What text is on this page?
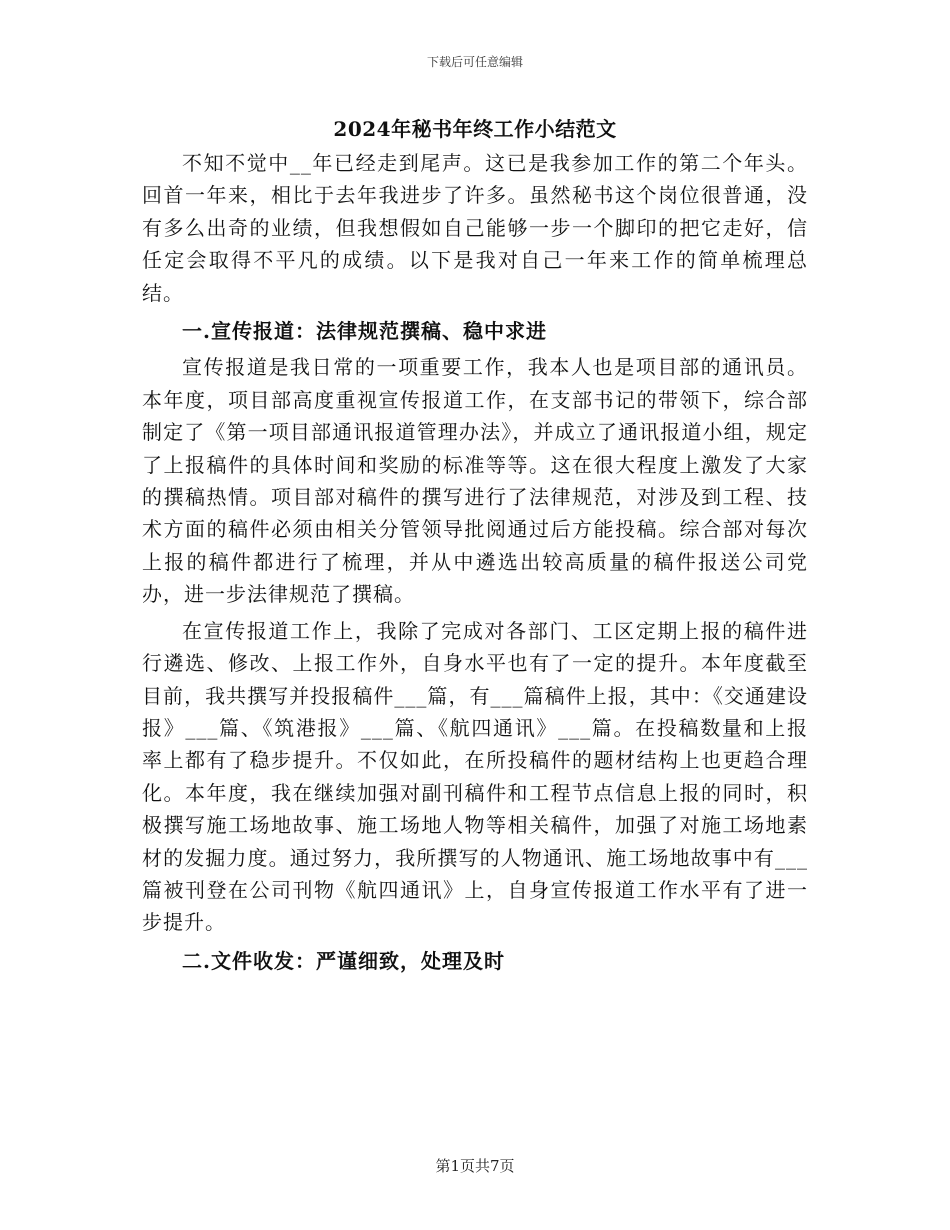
下载后可任意编辑
2024年秘书年终工作小结范文

不知不觉中__年已经走到尾声。这已是我参加工作的第二个年头。回首一年来，相比于去年我进步了许多。虽然秘书这个岗位很普通，没有多么出奇的业绩，但我想假如自己能够一步一个脚印的把它走好，信任定会取得不平凡的成绩。以下是我对自己一年来工作的简单梳理总结。

一.宣传报道：法律规范撰稿、稳中求进

宣传报道是我日常的一项重要工作，我本人也是项目部的通讯员。本年度，项目部高度重视宣传报道工作，在支部书记的带领下，综合部制定了《第一项目部通讯报道管理办法》，并成立了通讯报道小组，规定了上报稿件的具体时间和奖励的标准等等。这在很大程度上激发了大家的撰稿热情。项目部对稿件的撰写进行了法律规范，对涉及到工程、技术方面的稿件必须由相关分管领导批阅通过后方能投稿。综合部对每次上报的稿件都进行了梳理，并从中遴选出较高质量的稿件报送公司党办，进一步法律规范了撰稿。

在宣传报道工作上，我除了完成对各部门、工区定期上报的稿件进行遴选、修改、上报工作外，自身水平也有了一定的提升。本年度截至目前，我共撰写并投报稿件___篇，有___篇稿件上报，其中：《交通建设报》___篇、《筑港报》___篇、《航四通讯》___篇。在投稿数量和上报率上都有了稳步提升。不仅如此，在所投稿件的题材结构上也更趋合理化。本年度，我在继续加强对副刊稿件和工程节点信息上报的同时，积极撰写施工场地故事、施工场地人物等相关稿件，加强了对施工场地素材的发掘力度。通过努力，我所撰写的人物通讯、施工场地故事中有___篇被刊登在公司刊物《航四通讯》上，自身宣传报道工作水平有了进一步提升。

二.文件收发：严谨细致，处理及时

第1页共7页
